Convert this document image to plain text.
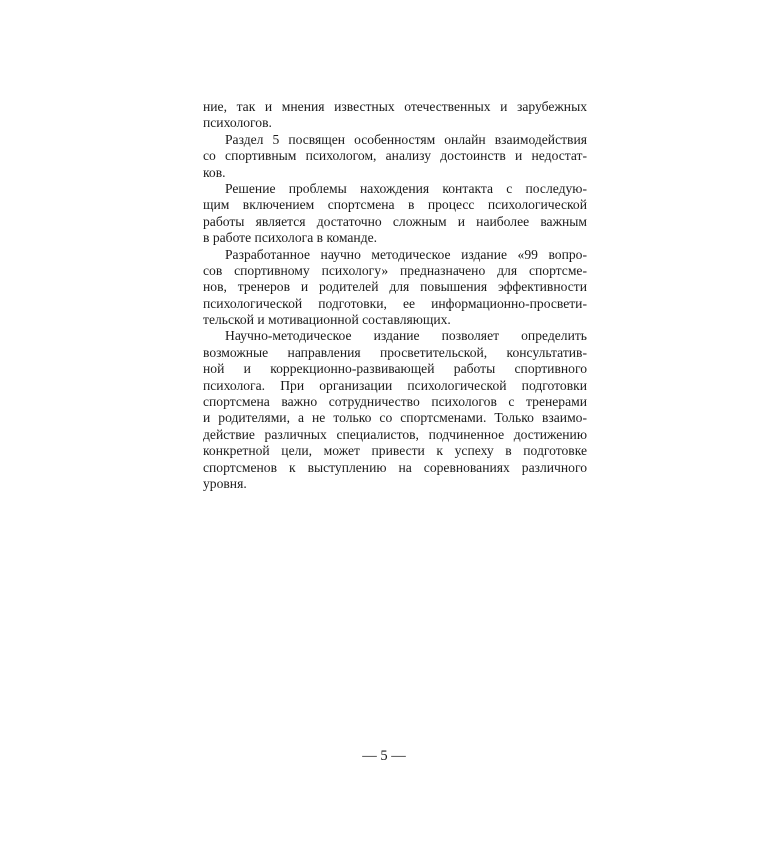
ние, так и мнения известных отечественных и зарубежных
психологов.

Раздел 5 посвящен особенностям онлайн взаимодействия
со спортивным психологом, анализу достоинств и недостат-
ков.

Решение проблемы нахождения контакта с последую-
щим включением спортсмена в процесс психологической
работы является достаточно сложным и наиболее важным
в работе психолога в команде.

Разработанное научно методическое издание «99 вопро-
сов спортивному психологу» предназначено для спортсме-
нов, тренеров и родителей для повышения эффективности
психологической подготовки, ее информационно-просвети-
тельской и мотивационной составляющих.

Научно-методическое издание позволяет определить
возможные направления просветительской, консультатив-
ной и коррекционно-развивающей работы спортивного
психолога. При организации психологической подготовки
спортсмена важно сотрудничество психологов с тренерами
и родителями, а не только со спортсменами. Только взаимо-
действие различных специалистов, подчиненное достижению
конкретной цели, может привести к успеху в подготовке
спортсменов к выступлению на соревнованиях различного
уровня.

— 5 —
